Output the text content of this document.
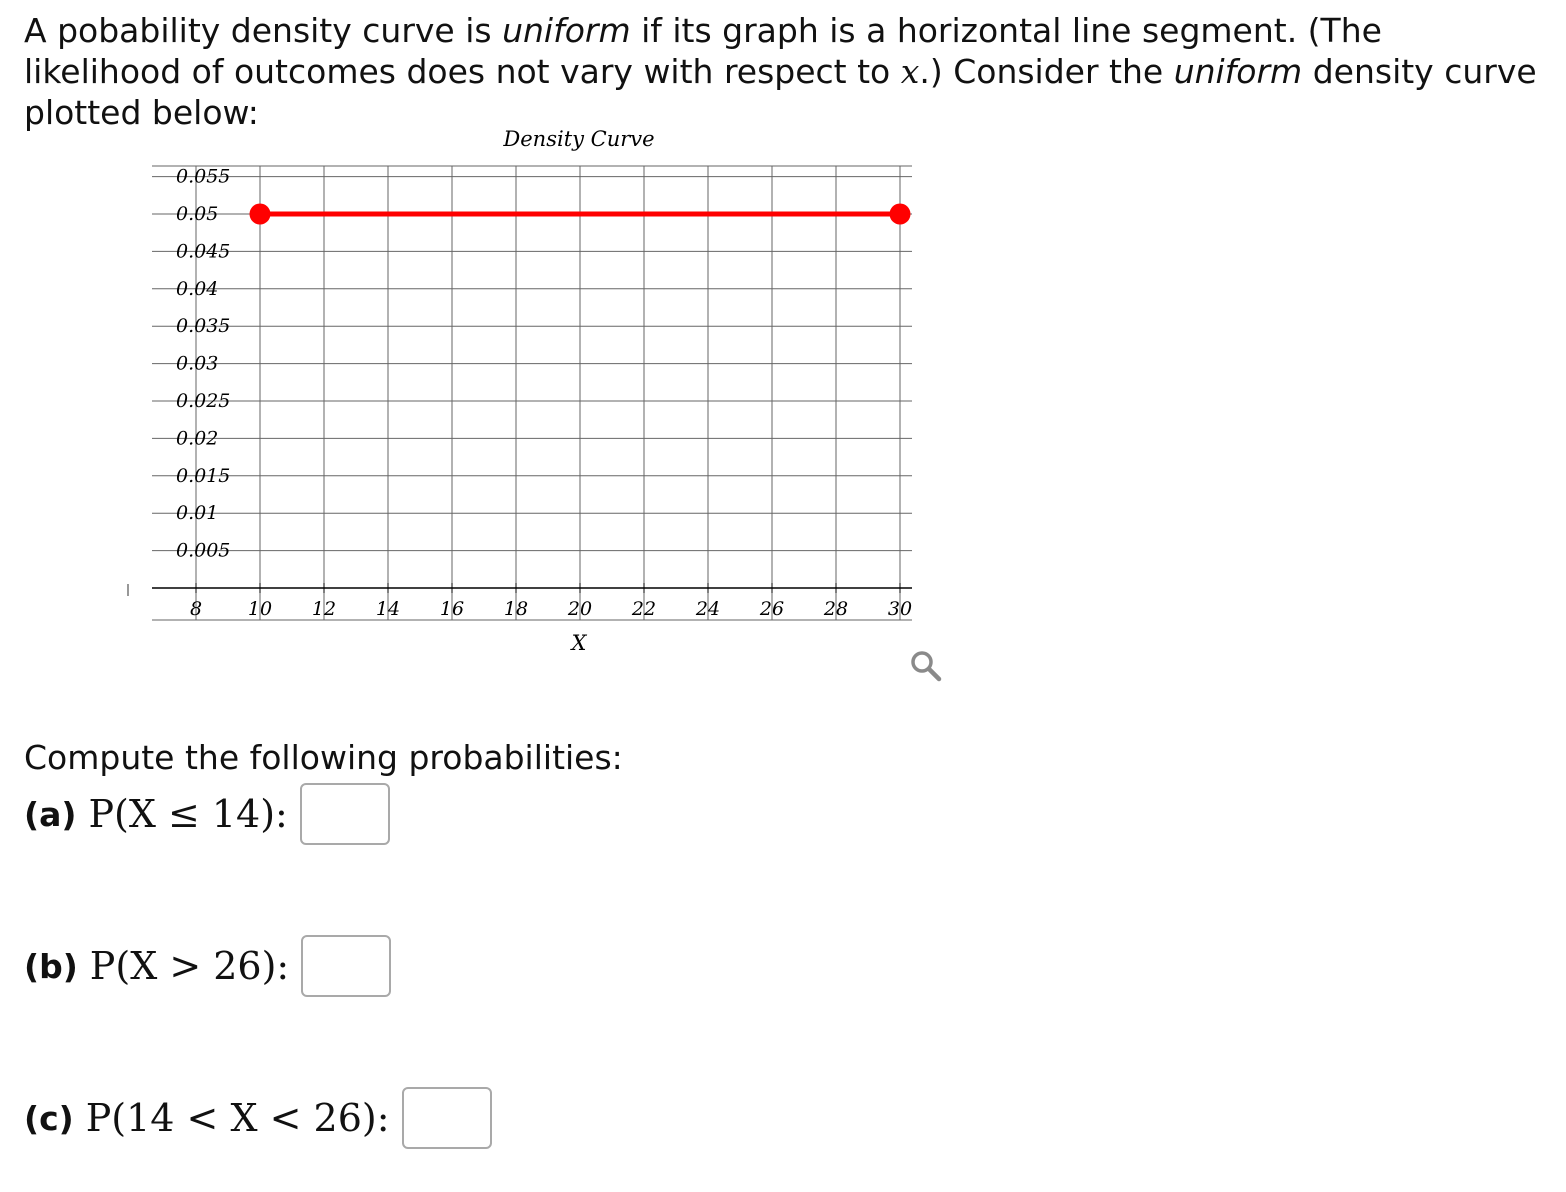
A pobability density curve is uniform if its graph is a horizontal line segment. (The likelihood of outcomes does not vary with respect to x.) Consider the uniform density curve plotted below:
8 10 12 14 16 18 20 22 24 26 28 30
0.005
0.01
0.015
0.02
0.025
0.03
0.035
0.04
0.045
0.05
0.055
Density Curve
X
Compute the following probabilities:
(a) P(X ≤ 14):
(b) P(X > 26):
(c) P(14 < X < 26):
